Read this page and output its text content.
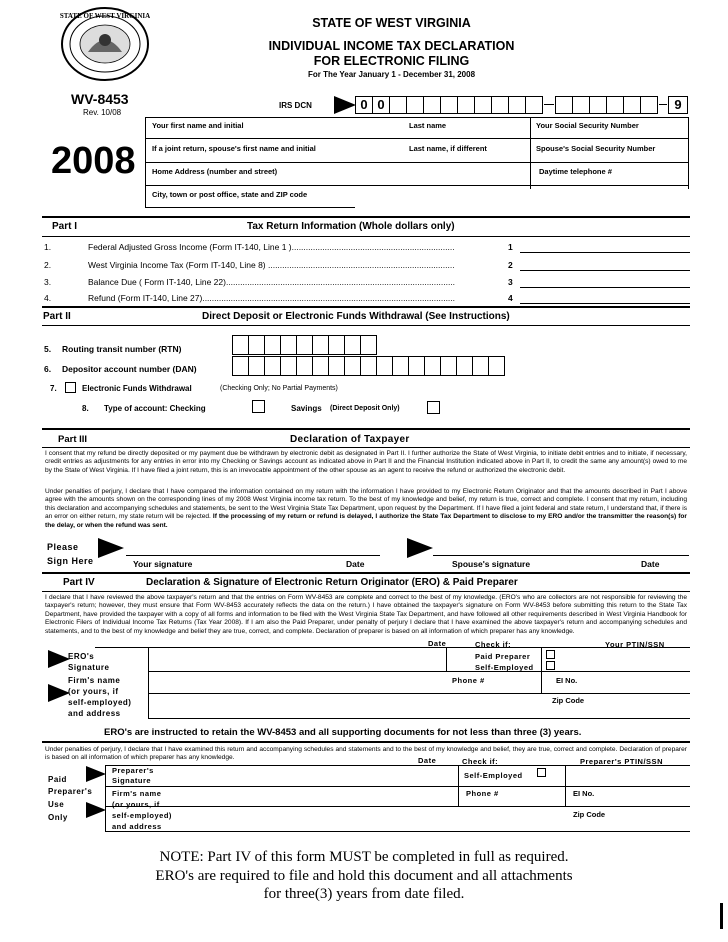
STATE OF WEST VIRGINIA	STATE OF WEST VIRGINIA
INDIVIDUAL INCOME TAX DECLARATION
FOR ELECTRONIC FILING
For The Year January 1 - December 31, 2008
WV-8453
Rev. 10/08
IRS DCN	0 0	9
2008
Your first name and initial	Last name	Your Social Security Number
If a joint return, spouse's first name and initial	Last name, if different	Spouse's Social Security Number
Home Address (number and street)	Daytime telephone #
City, town or post office, state and ZIP code
Part I	Tax Return Information (Whole dollars only)
1.	Federal Adjusted Gross Income (Form IT-140, Line 1 ).....................................................................	1
2.	West Virginia Income Tax (Form IT-140, Line 8) ...............................................................................	2
3.	Balance Due ( Form IT-140, Line 22).................................................................................................	3
4.	Refund (Form IT-140, Line 27)...........................................................................................................	4
Part II	Direct Deposit or Electronic Funds Withdrawal (See Instructions)
5. Routing transit number (RTN)
6. Depositor account number (DAN)
7.	Electronic Funds Withdrawal	(Checking Only; No Partial Payments)
8. Type of account: Checking	Savings (Direct Deposit Only)
Part III	Declaration of Taxpayer
I consent that my refund be directly deposited or my payment due be withdrawn by electronic debit as designated in Part II. I further authorize the State of West Virginia, to initiate debit entries and to initiate, if necessary, credit entries as adjustments for any entries in error into my Checking or Savings account as indicated above in Part II and the Financial Institution indicated above in Part II, to credit the same any amount(s) owed to me by the State of West Virginia. If I have filed a joint return, this is an irrevocable appointment of the other spouse as an agent to receive the refund or authorized the electronic debit.
Under penalties of perjury, I declare that I have compared the information contained on my return with the information I have provided to my Electronic Return Originator and that the amounts described in Part I above agree with the amounts shown on the corresponding lines of my 2008 West Virginia income tax return. To the best of my knowledge and belief, my return is true, correct and complete. I consent that my return, including this declaration and accompanying schedules and statements, be sent to the West Virginia State Tax Department, upon request by the Department. If I have filed a joint federal and state return, I understand that, if there is an error on either return, my state return will be rejected. If the processing of my return or refund is delayed, I authorize the State Tax Department to disclose to my ERO and/or the transmitter the reason(s) for the delay, or when the refund was sent.
Please
Sign Here	Your signature	Date	Spouse's signature	Date
Part IV	Declaration & Signature of Electronic Return Originator (ERO) & Paid Preparer
I declare that I have reviewed the above taxpayer's return and that the entries on Form WV-8453 are complete and correct to the best of my knowledge. (ERO's who are collectors are not responsible for reviewing the taxpayer's return; however, they must ensure that Form WV-8453 accurately reflects the data on the return.) I have obtained the taxpayer's signature on Form WV-8453 before submitting this return to the State Tax Department, have provided the taxpayer with a copy of all forms and information to be filed with the West Virginia State Tax Department, and have followed all other requirements described in West Virginia Handbook for Electronic Filers of Individual Income Tax Returns (Tax Year 2008). If I am also the Paid Preparer, under penalty of perjury I declare that I have examined the above taxpayer's return and accompanying schedules and statements, and to the best of my knowledge and belief they are true, correct, and complete. Declaration of preparer is based on all information of which preparer has any knowledge.
ERO's
Signature
Date	Check if:
Paid Preparer
Self-Employed
Your PTIN/SSN
Firm's name
(or yours, if
self-employed)
and address
Phone #	EI No.
Zip Code
ERO's are instructed to retain the WV-8453 and all supporting documents for not less than three (3) years.
Under penalties of perjury, I declare that I have examined this return and accompanying schedules and statements and to the best of my knowledge and belief, they are true, correct and complete. Declaration of preparer is based on all information of which preparer has any knowledge.	Date	Check if:	Preparer's PTIN/SSN
Paid
Preparer's
Use
Only
Preparer's
Signature
Self-Employed
Firm's name
(or yours, if
self-employed)
and address
Phone #	EI No.
Zip Code
NOTE: Part IV of this form MUST be completed in full as required.
ERO's are required to file and hold this document and all attachments
for three(3) years from date filed.
